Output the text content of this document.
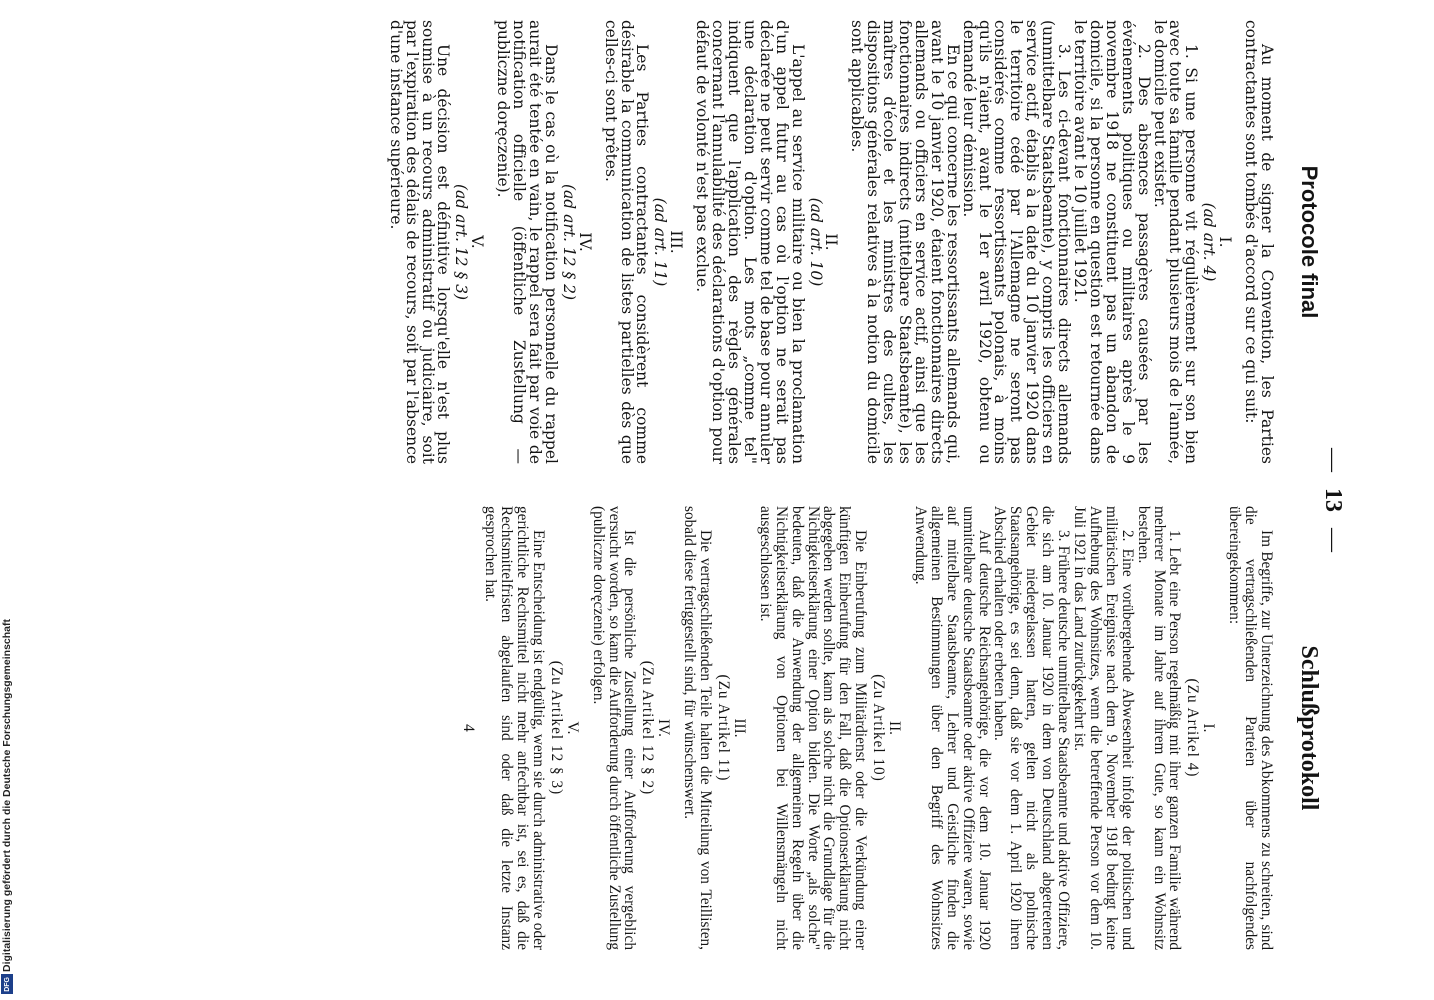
— 13 —
Protocole final
Schlußprotokoll

Au moment de signer la Convention, les Parties contractantes sont tombés d'accord sur ce qui suit:

I.
(ad art. 4)

1. Si une personne vit régulièrement sur son bien avec toute sa famille pendant plusieurs mois de l'année, le domicile peut exister.

2. Des absences passagères causées par les événements politiques ou militaires après le 9 novembre 1918 ne constituent pas un abandon de domicile, si la personne en question est retournée dans le territoire avant le 10 juillet 1921.

3. Les ci-devant fonctionnaires directs allemands (unmittelbare Staatsbeamte), y compris les officiers en service actif, établis à la date du 10 janvier 1920 dans le territoire cédé par l'Allemagne ne seront pas considérés comme ressortissants polonais, à moins qu'ils n'aient, avant le 1er avril 1920, obtenu ou demandé leur démission.

En ce qui concerne les ressortissants allemands qui, avant le 10 janvier 1920, étaient fonctionnaires directs allemands ou officiers en service actif, ainsi que les fonctionnaires indirects (mittelbare Staatsbeamte), les maîtres d'école et les ministres des cultes, les dispositions générales relatives à la notion du domicile sont applicables.

II.
(ad art. 10)

L'appel au service militaire ou bien la proclamation d'un appel futur au cas où l'option ne serait pas déclarée ne peut servir comme tel de base pour annuler une déclaration d'option. Les mots „comme tel" indiquent que l'application des règles générales concernant l'annulabilité des déclarations d'option pour défaut de volonté n'est pas exclue.

III.
(ad art. 11)

Les Parties contractantes considèrent comme désirable la communication de listes partielles dès que celles-ci sont prêtes.

IV.
(ad art. 12 § 2)

Dans le cas où la notification personnelle du rappel aurait été tentée en vain, le rappel sera fait par voie de notification officielle (öffentliche Zustellung — publiczne doręczenie).

V.
(ad art. 12 § 3)

Une décision est définitive lorsqu'elle n'est plus soumise à un recours administratif ou judiciaire, soit par l'expiration des délais de recours, soit par l'absence d'une instance supérieure.

Im Begriffe, zur Unterzeichnung des Abkommens zu schreiten, sind die vertragschließenden Parteien über nachfolgendes übereingekommen:

I.
(Zu Artikel 4)

1. Lebt eine Person regelmäßig mit ihrer ganzen Familie während mehrerer Monate im Jahre auf ihrem Gute, so kann ein Wohnsitz bestehen.

2. Eine vorübergehende Abwesenheit infolge der politischen und militärischen Ereignisse nach dem 9. November 1918 bedingt keine Aufhebung des Wohnsitzes, wenn die betreffende Person vor dem 10. Juli 1921 in das Land zurückgekehrt ist.

3. Frühere deutsche unmittelbare Staatsbeamte und aktive Offiziere, die sich am 10. Januar 1920 in dem von Deutschland abgetretenen Gebiet niedergelassen hatten, gelten nicht als polnische Staatsangehörige, es sei denn, daß sie vor dem 1. April 1920 ihren Abschied erhalten oder erbeten haben.

Auf deutsche Reichsangehörige, die vor dem 10. Januar 1920 unmittelbare deutsche Staatsbeamte oder aktive Offiziere waren, sowie auf mittelbare Staatsbeamte, Lehrer und Geistliche finden die allgemeinen Bestimmungen über den Begriff des Wohnsitzes Anwendung.

II.
(Zu Artikel 10)

Die Einberufung zum Militärdienst oder die Verkündung einer künftigen Einberufung für den Fall, daß die Optionserklärung nicht abgegeben werden sollte, kann als solche nicht die Grundlage für die Nichtigkeitserklärung einer Option bilden. Die Worte „als solche" bedeuten, daß die Anwendung der allgemeinen Regeln über die Nichtigkeitserklärung von Optionen bei Willensmängeln nicht ausgeschlossen ist.

III.
(Zu Artikel 11)

Die vertragschließenden Teile halten die Mitteilung von Teillisten, sobald diese fertiggestellt sind, für wünschenswert.

IV.
(Zu Artikel 12 § 2)

Ist die persönliche Zustellung einer Aufforderung vergeblich versucht worden, so kann die Aufforderung durch öffentliche Zustellung (publiczne doręczenie) erfolgen.

V.
(Zu Artikel 12 § 3)

Eine Entscheidung ist endgültig, wenn sie durch administrative oder gerichtliche Rechtsmittel nicht mehr anfechtbar ist, sei es, daß die Rechtsmittelfristen abgelaufen sind oder daß die letzte Instanz gesprochen hat.

4
Digitalisierung gefördert durch die Deutsche Forschungsgemeinschaft
DFG
